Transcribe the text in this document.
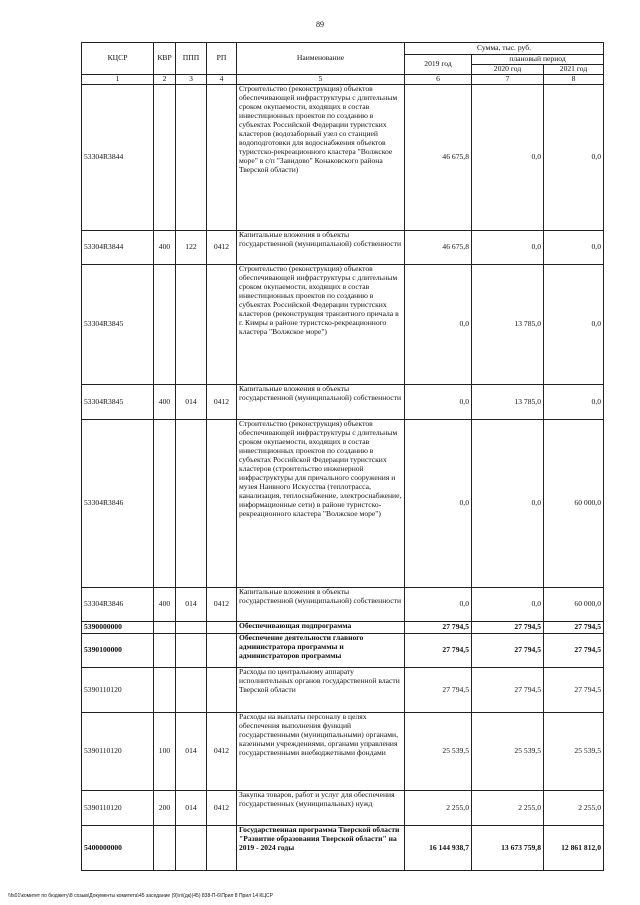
89
КЦСР	КВР	ППП	РП	Наименование	Сумма, тыс. руб.		
					2019 год	плановый период	
						2020 год	2021 год
1	2	3	4	5	6	7	8
53304R3844				Строительство (реконструкция) объектов обеспечивающей инфраструктуры с длительным сроком окупаемости, входящих в состав инвестиционных проектов по созданию в субъектах Российской Федерации туристских кластеров (водозаборный узел со станцией водоподготовки для водоснабжения объектов туристско-рекреационного кластера "Волжское море" в с/п "Завидово" Конаковского района Тверской области)	46 675,8	0,0	0,0
53304R3844	400	122	0412	Капитальные вложения в объекты государственной (муниципальной) собственности	46 675,8	0,0	0,0
53304R3845				Строительство (реконструкция) объектов обеспечивающей инфраструктуры с длительным сроком окупаемости, входящих в состав инвестиционных проектов по созданию в субъектах Российской Федерации туристских кластеров (реконструкция транзитного причала в г. Кимры в районе туристско-рекреационного кластера "Волжское море")	0,0	13 785,0	0,0
53304R3845	400	014	0412	Капитальные вложения в объекты государственной (муниципальной) собственности	0,0	13 785,0	0,0
53304R3846				Строительство (реконструкция) объектов обеспечивающей инфраструктуры с длительным сроком окупаемости, входящих в состав инвестиционных проектов по созданию в субъектах Российской Федерации туристских кластеров (строительство инженерной инфраструктуры для причального сооружения и музея Наивного Искусства (теплотрасса, канализация, теплоснабжение, электроснабжение, информационные сети) в районе туристско-рекреационного кластера "Волжское море")	0,0	0,0	60 000,0
53304R3846	400	014	0412	Капитальные вложения в объекты государственной (муниципальной) собственности	0,0	0,0	60 000,0
5390000000				Обеспечивающая подпрограмма	27 794,5	27 794,5	27 794,5
5390100000				Обеспечение деятельности главного администратора программы и администраторов программы	27 794,5	27 794,5	27 794,5
5390110120				Расходы по центральному аппарату исполнительных органов государственной власти Тверской области	27 794,5	27 794,5	27 794,5
5390110120	100	014	0412	Расходы на выплаты персоналу в целях обеспечения выполнения функций государственными (муниципальными) органами, казенными учреждениями, органами управления государственными внебюджетными фондами	25 539,5	25 539,5	25 539,5
5390110120	200	014	0412	Закупка товаров, работ и услуг для обеспечения государственных (муниципальных) нужд	2 255,0	2 255,0	2 255,0
5400000000				Государственная программа Тверской области "Развитие образования Тверской области" на 2019 - 2024 годы	16 144 938,7	13 673 759,8	12 861 812,0
\\fs01\комитет по бюджету\8 созыв\Документы комитета\45 заседание (9)\п\(дк)(45) 838-П-6\Прил 8 Прил 14 КЦСР
